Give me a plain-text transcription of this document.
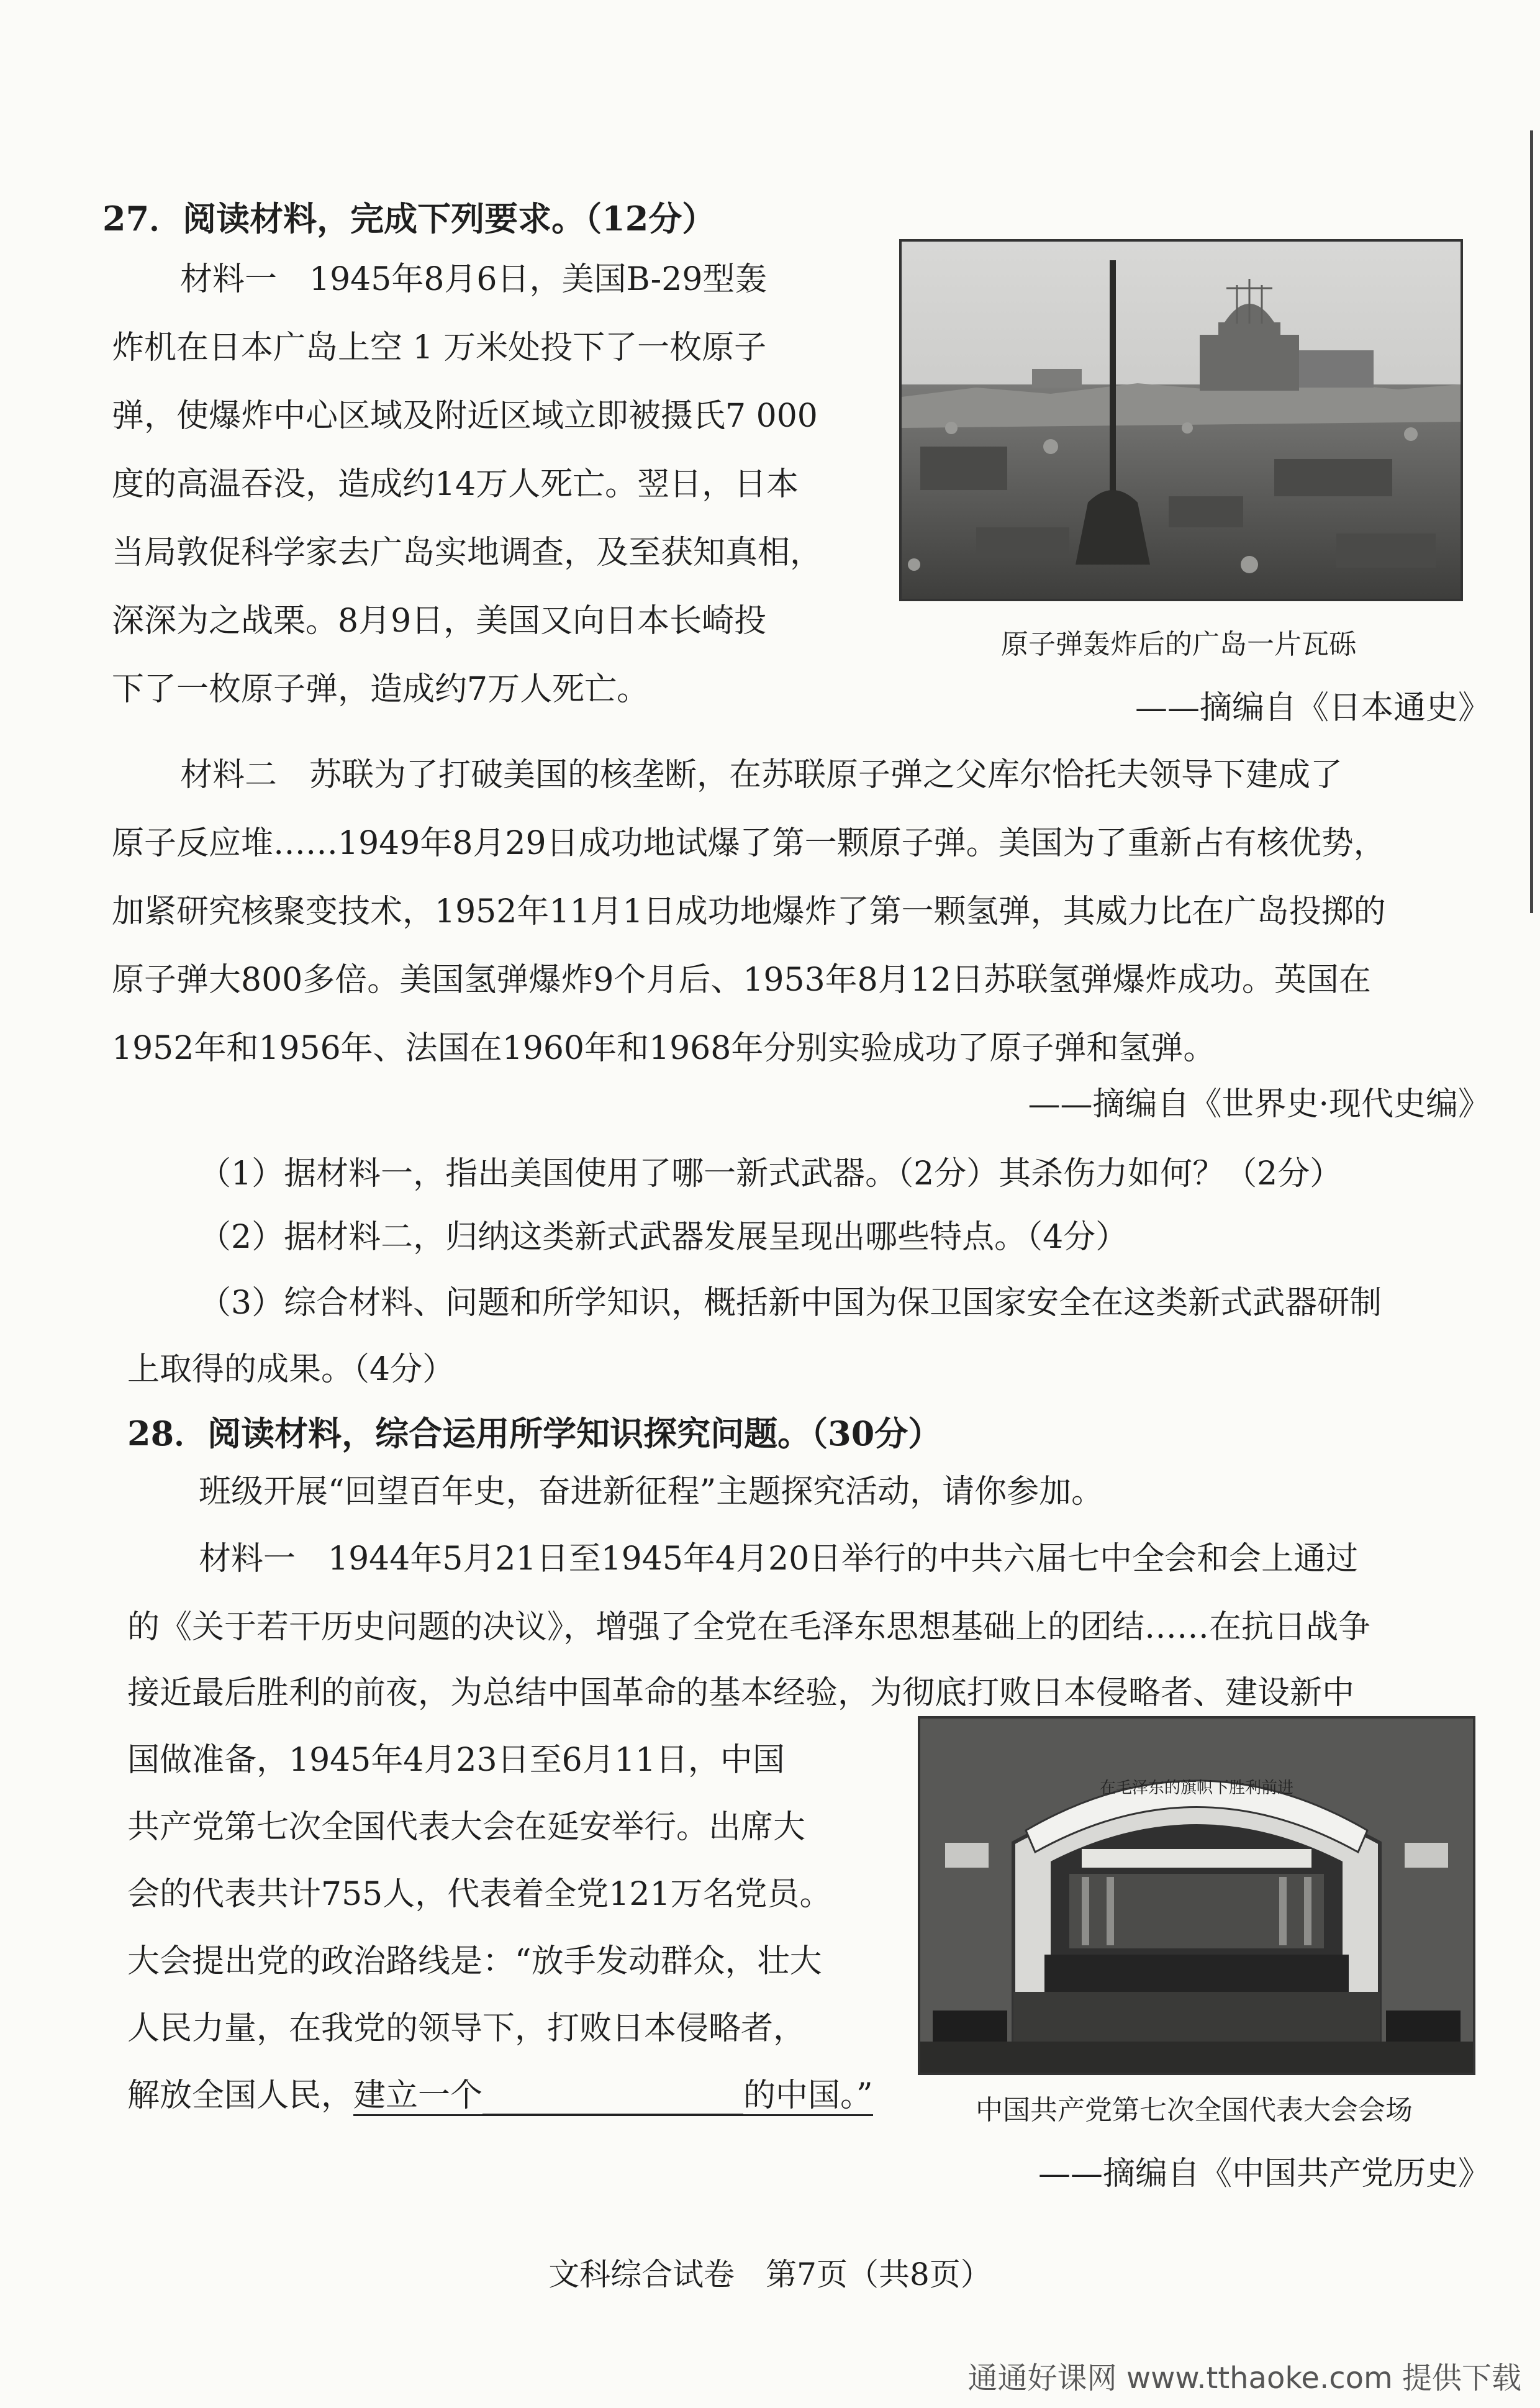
27．阅读材料，完成下列要求。（12分）
材料一　1945年8月6日，美国B-29型轰
炸机在日本广岛上空 1 万米处投下了一枚原子
弹，使爆炸中心区域及附近区域立即被摄氏7 000
度的高温吞没，造成约14万人死亡。翌日，日本
当局敦促科学家去广岛实地调查，及至获知真相，
深深为之战栗。8月9日，美国又向日本长崎投
下了一枚原子弹，造成约7万人死亡。
原子弹轰炸后的广岛一片瓦砾
——摘编自《日本通史》
材料二　苏联为了打破美国的核垄断，在苏联原子弹之父库尔恰托夫领导下建成了
原子反应堆……1949年8月29日成功地试爆了第一颗原子弹。美国为了重新占有核优势，
加紧研究核聚变技术，1952年11月1日成功地爆炸了第一颗氢弹，其威力比在广岛投掷的
原子弹大800多倍。美国氢弹爆炸9个月后、1953年8月12日苏联氢弹爆炸成功。英国在
1952年和1956年、法国在1960年和1968年分别实验成功了原子弹和氢弹。
——摘编自《世界史·现代史编》
（1）据材料一，指出美国使用了哪一新式武器。（2分）其杀伤力如何？（2分）
（2）据材料二，归纳这类新式武器发展呈现出哪些特点。（4分）
（3）综合材料、问题和所学知识，概括新中国为保卫国家安全在这类新式武器研制
上取得的成果。（4分）
28．阅读材料，综合运用所学知识探究问题。（30分）
班级开展“回望百年史，奋进新征程”主题探究活动，请你参加。
材料一　1944年5月21日至1945年4月20日举行的中共六届七中全会和会上通过
的《关于若干历史问题的决议》，增强了全党在毛泽东思想基础上的团结……在抗日战争
接近最后胜利的前夜，为总结中国革命的基本经验，为彻底打败日本侵略者、建设新中
国做准备，1945年4月23日至6月11日，中国
共产党第七次全国代表大会在延安举行。出席大
会的代表共计755人，代表着全党121万名党员。
大会提出党的政治路线是：“放手发动群众，壮大
人民力量，在我党的领导下，打败日本侵略者，
解放全国人民，建立一个	的中国。”
在毛泽东的旗帜下胜利前进
中国共产党第七次全国代表大会会场
——摘编自《中国共产党历史》
文科综合试卷　第7页（共8页）
通通好课网 www.tthaoke.com 提供下载
